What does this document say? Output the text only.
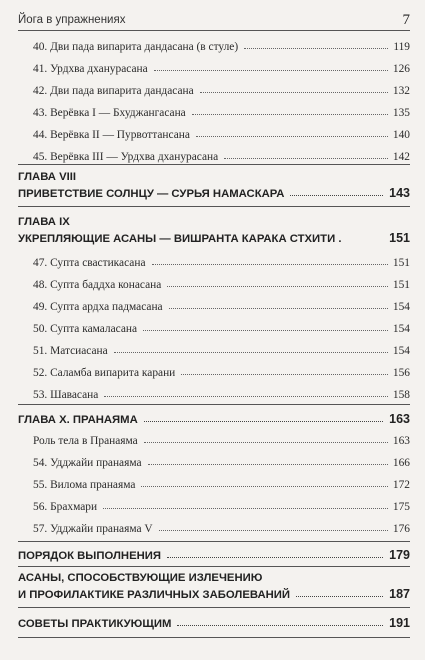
Йога в упражнениях	7
40. Дви пада випарита дандасана (в стуле)	119
41. Урдхва дханурасана	126
42. Дви пада випарита дандасана	132
43. Верёвка I — Бхуджангасана	135
44. Верёвка II — Пурвоттансана	140
45. Верёвка III — Урдхва дханурасана	142
ГЛАВА VIII
ПРИВЕТСТВИЕ СОЛНЦУ — СУРЬЯ НАМАСКАРА	143
ГЛАВА IX
УКРЕПЛЯЮЩИЕ АСАНЫ — ВИШРАНТА КАРАКА СТХИТИ .	151
47. Супта свастикасана	151
48. Супта баддха конасана	151
49. Супта ардха падмасана	154
50. Супта камаласана	154
51. Матсиасана	154
52. Саламба випарита карани	156
53. Шавасана	158
ГЛАВА X. ПРАНАЯМА	163
Роль тела в Пранаяма	163
54. Удджайи пранаяма	166
55. Вилома пранаяма	172
56. Брахмари	175
57. Удджайи пранаяма V	176
ПОРЯДОК ВЫПОЛНЕНИЯ	179
АСАНЫ, СПОСОБСТВУЮЩИЕ ИЗЛЕЧЕНИЮ
И ПРОФИЛАКТИКЕ РАЗЛИЧНЫХ ЗАБОЛЕВАНИЙ	187
СОВЕТЫ ПРАКТИКУЮЩИМ	191
